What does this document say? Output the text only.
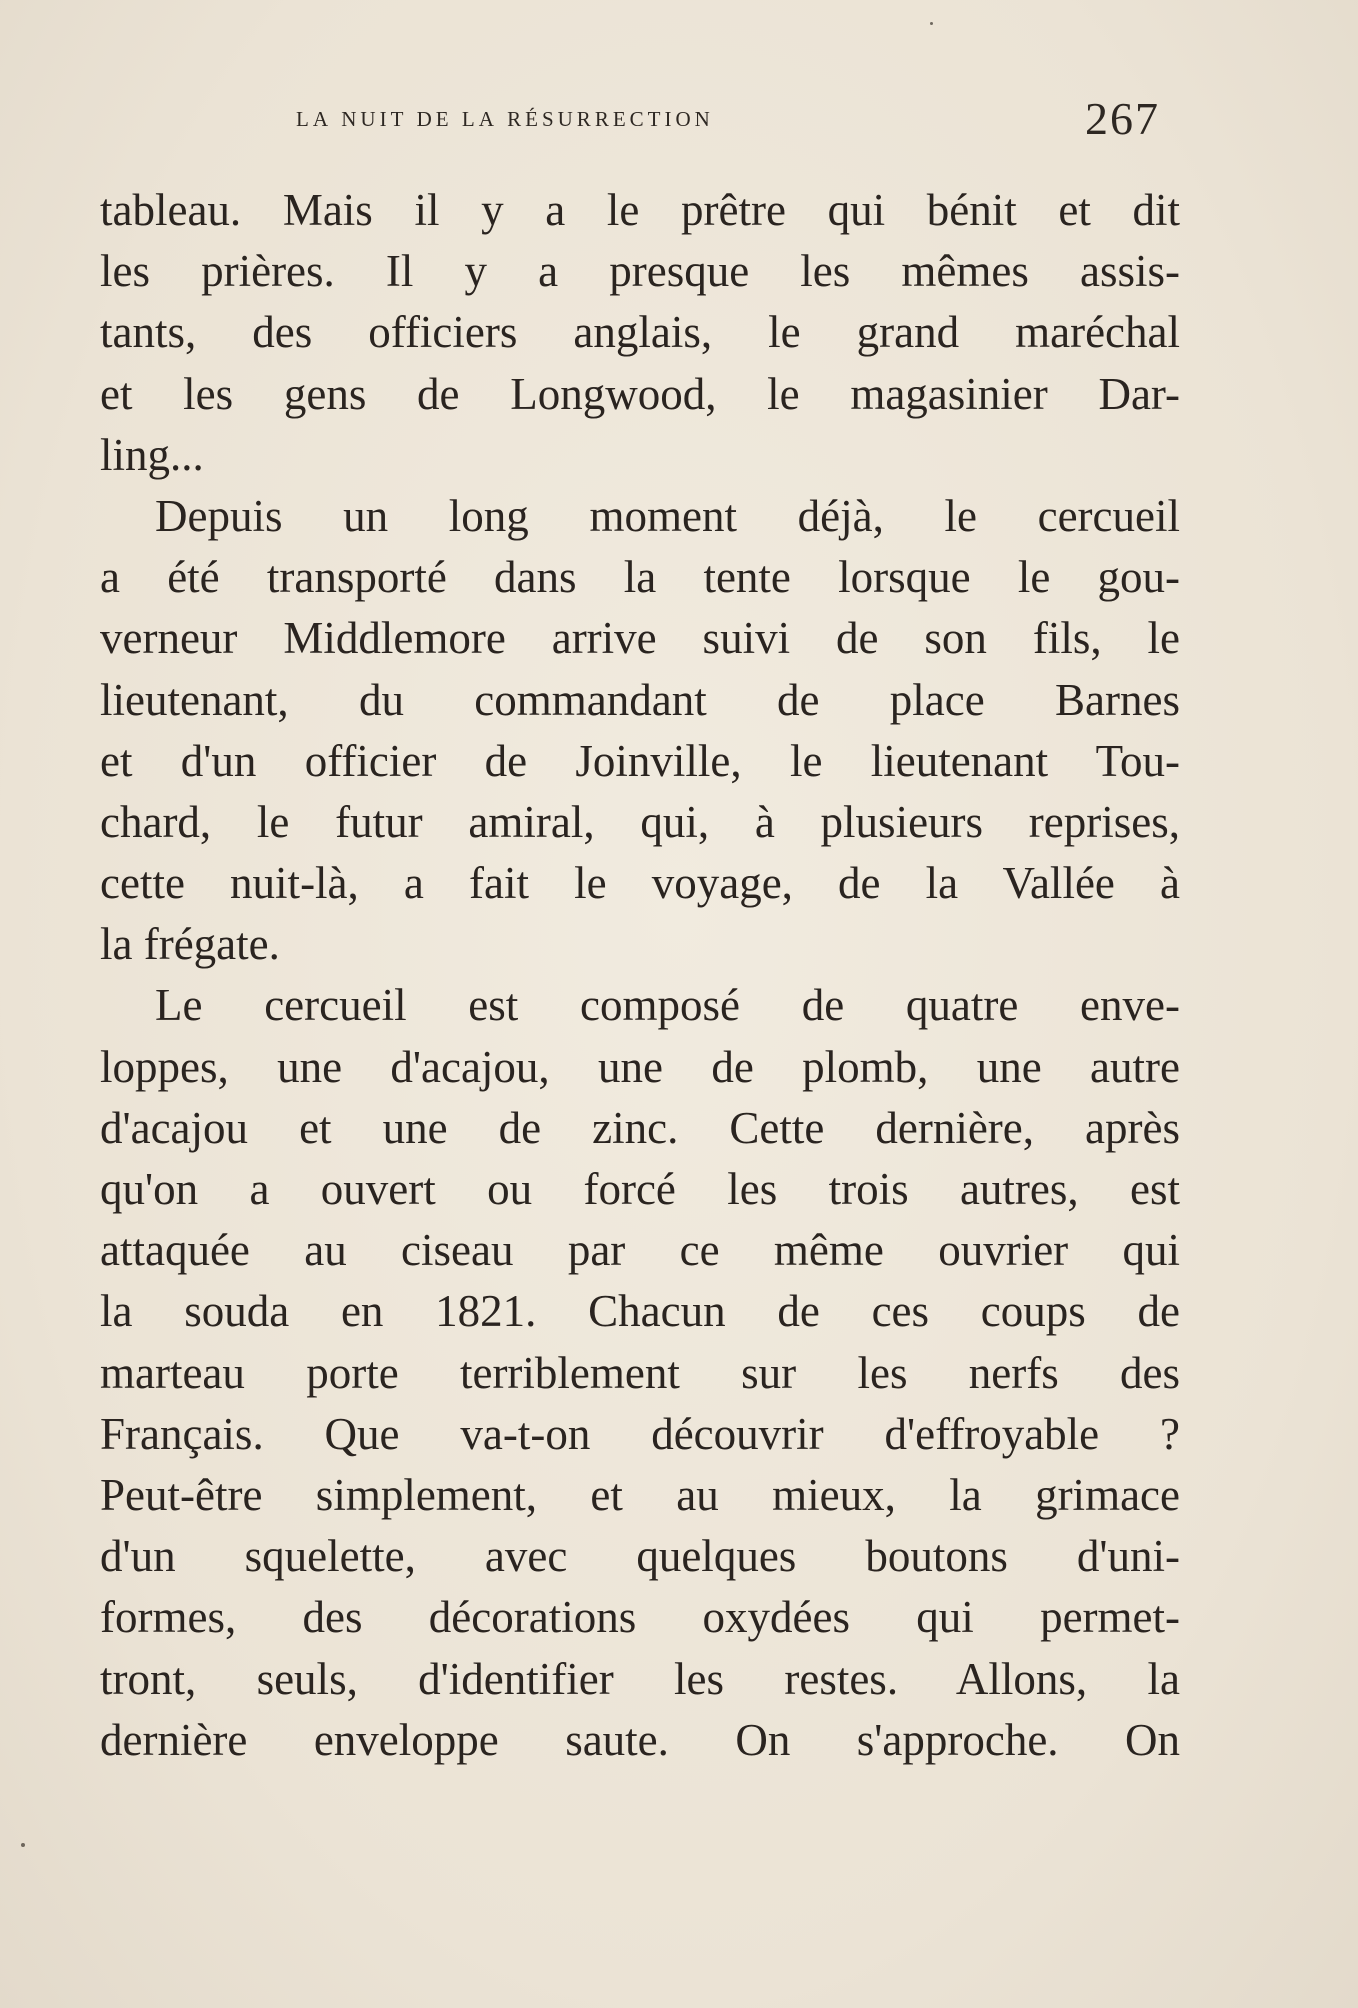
la nuit de la résurrection	267
tableau. Mais il y a le prêtre qui bénit et dit
les prières. Il y a presque les mêmes assis-
tants, des officiers anglais, le grand maréchal
et les gens de Longwood, le magasinier Dar-
ling...
Depuis un long moment déjà, le cercueil
a été transporté dans la tente lorsque le gou-
verneur Middlemore arrive suivi de son fils, le
lieutenant, du commandant de place Barnes
et d'un officier de Joinville, le lieutenant Tou-
chard, le futur amiral, qui, à plusieurs reprises,
cette nuit-là, a fait le voyage, de la Vallée à
la frégate.
Le cercueil est composé de quatre enve-
loppes, une d'acajou, une de plomb, une autre
d'acajou et une de zinc. Cette dernière, après
qu'on a ouvert ou forcé les trois autres, est
attaquée au ciseau par ce même ouvrier qui
la souda en 1821. Chacun de ces coups de
marteau porte terriblement sur les nerfs des
Français. Que va-t-on découvrir d'effroyable ?
Peut-être simplement, et au mieux, la grimace
d'un squelette, avec quelques boutons d'uni-
formes, des décorations oxydées qui permet-
tront, seuls, d'identifier les restes. Allons, la
dernière enveloppe saute. On s'approche. On
